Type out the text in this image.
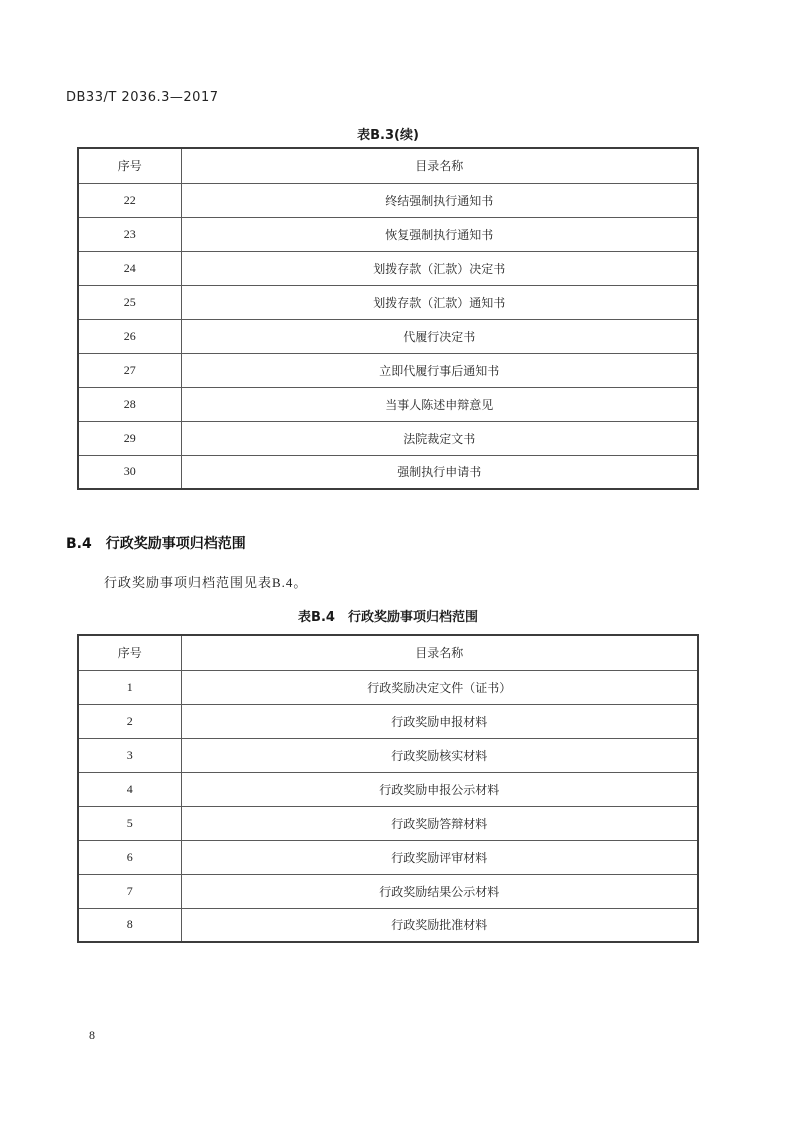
DB33/T 2036.3—2017
表B.3(续)
序号	目录名称
22	终结强制执行通知书
23	恢复强制执行通知书
24	划拨存款（汇款）决定书
25	划拨存款（汇款）通知书
26	代履行决定书
27	立即代履行事后通知书
28	当事人陈述申辩意见
29	法院裁定文书
30	强制执行申请书
B.4 行政奖励事项归档范围
行政奖励事项归档范围见表B.4。
表B.4　行政奖励事项归档范围
序号	目录名称
1	行政奖励决定文件（证书）
2	行政奖励申报材料
3	行政奖励核实材料
4	行政奖励申报公示材料
5	行政奖励答辩材料
6	行政奖励评审材料
7	行政奖励结果公示材料
8	行政奖励批准材料
8
